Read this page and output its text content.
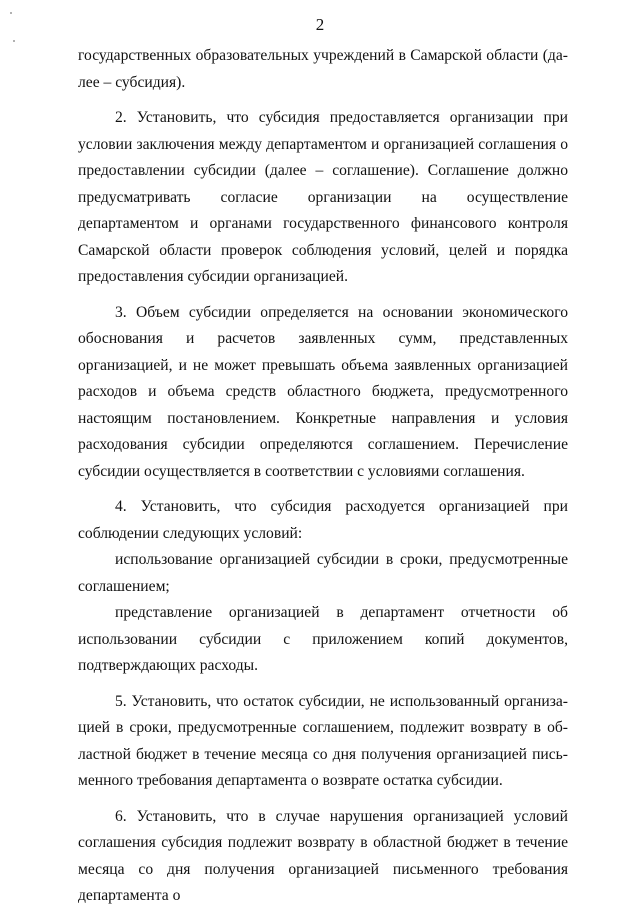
2

государственных образовательных учреждений в Самарской области (далее – субсидия).

2. Установить, что субсидия предоставляется организации при условии заключения между департаментом и организацией соглашения о предоставлении субсидии (далее – соглашение). Соглашение должно предусматривать согласие организации на осуществление департаментом и органами государственного финансового контроля Самарской области проверок соблюдения условий, целей и порядка предоставления субсидии организацией.

3. Объем субсидии определяется на основании экономического обоснования и расчетов заявленных сумм, представленных организацией, и не может превышать объема заявленных организацией расходов и объема средств областного бюджета, предусмотренного настоящим постановлением. Конкретные направления и условия расходования субсидии определяются соглашением. Перечисление субсидии осуществляется в соответствии с условиями соглашения.

4. Установить, что субсидия расходуется организацией при соблюдении следующих условий:

использование организацией субсидии в сроки, предусмотренные соглашением;

представление организацией в департамент отчетности об использовании субсидии с приложением копий документов, подтверждающих расходы.

5. Установить, что остаток субсидии, не использованный организацией в сроки, предусмотренные соглашением, подлежит возврату в областной бюджет в течение месяца со дня получения организацией письменного требования департамента о возврате остатка субсидии.

6. Установить, что в случае нарушения организацией условий соглашения субсидия подлежит возврату в областной бюджет в течение месяца со дня получения организацией письменного требования департамента о
